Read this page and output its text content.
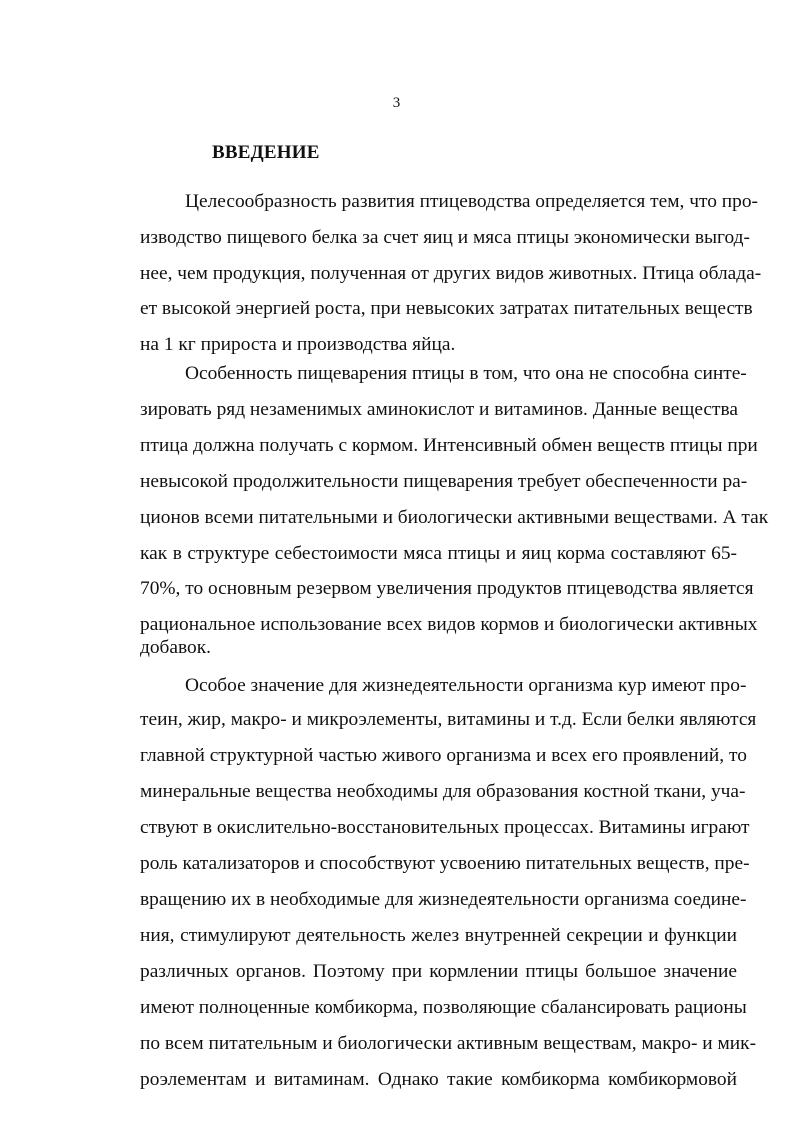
3
ВВЕДЕНИЕ
Целесообразность развития птицеводства определяется тем, что про-
изводство пищевого белка за счет яиц и мяса птицы экономически выгод-
нее, чем продукция, полученная от других видов животных. Птица облада-
ет высокой энергией роста, при невысоких затратах питательных веществ
на 1 кг прироста и производства яйца.
Особенность пищеварения птицы в том, что она не способна синте-
зировать ряд незаменимых аминокислот и витаминов. Данные вещества
птица должна получать с кормом. Интенсивный обмен веществ птицы при
невысокой продолжительности пищеварения требует обеспеченности ра-
ционов всеми питательными и биологически активными веществами. А так
как в структуре себестоимости мяса птицы и яиц корма составляют 65-
70%, то основным резервом увеличения продуктов птицеводства является
рациональное использование всех видов кормов и биологически активных
добавок.
Особое значение для жизнедеятельности организма кур имеют про-
теин, жир, макро- и микроэлементы, витамины и т.д. Если белки являются
главной структурной частью живого организма и всех его проявлений, то
минеральные вещества необходимы для образования костной ткани, уча-
ствуют в окислительно-восстановительных процессах. Витамины играют
роль катализаторов и способствуют усвоению питательных веществ, пре-
вращению их в необходимые для жизнедеятельности организма соедине-
ния, стимулируют деятельность желез внутренней секреции и функции
различных органов. Поэтому при кормлении птицы большое значение
имеют полноценные комбикорма, позволяющие сбалансировать рационы
по всем питательным и биологически активным веществам, макро- и мик-
роэлементам и витаминам. Однако такие комбикорма комбикормовой
